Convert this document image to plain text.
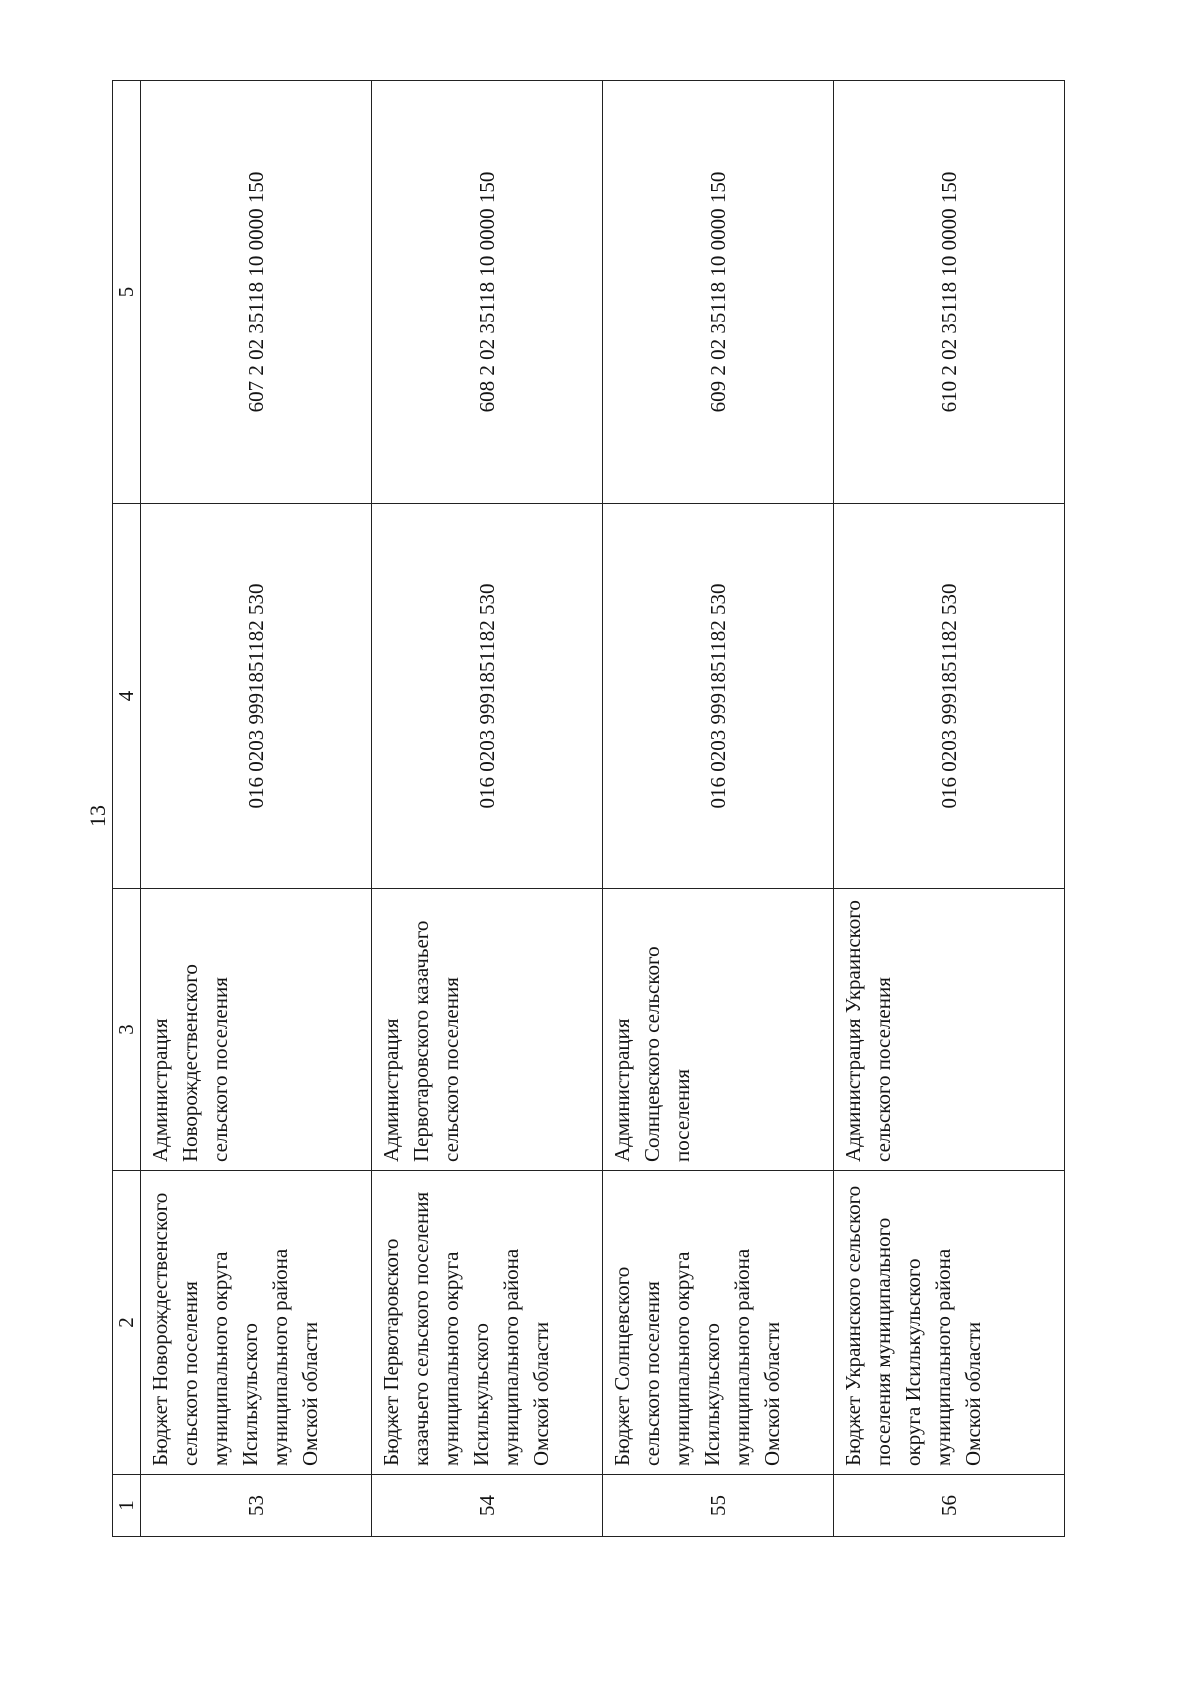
13
1	2	3	4	5
53	Бюджет Новорождественского сельского поселения муниципального округа Исилькульского муниципального района Омской области	Администрация Новорождественского сельского поселения	016 0203 9991851182 530	607 2 02 35118 10 0000 150
54	Бюджет Первотаровского казачьего сельского поселения муниципального округа Исилькульского муниципального района Омской области	Администрация Первотаровского казачьего сельского поселения	016 0203 9991851182 530	608 2 02 35118 10 0000 150
55	Бюджет Солнцевского сельского поселения муниципального округа Исилькульского муниципального района Омской области	Администрация Солнцевского сельского поселения	016 0203 9991851182 530	609 2 02 35118 10 0000 150
56	Бюджет Украинского сельского поселения муниципального округа Исилькульского муниципального района Омской области	Администрация Украинского сельского поселения	016 0203 9991851182 530	610 2 02 35118 10 0000 150
